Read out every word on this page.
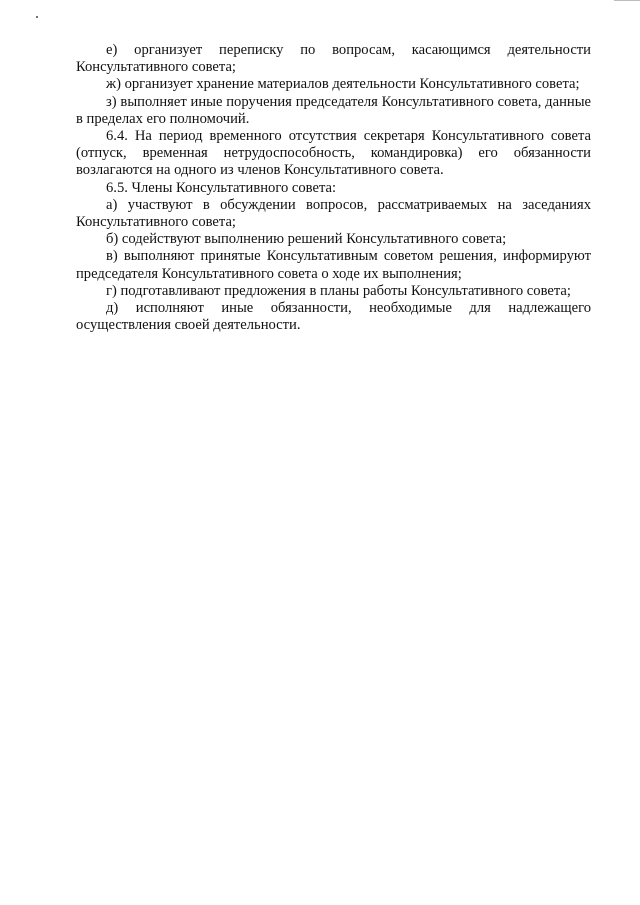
е) организует переписку по вопросам, касающимся деятельности Консультативного совета;

ж) организует хранение материалов деятельности Консультативного совета;

з) выполняет иные поручения председателя Консультативного совета, данные в пределах его полномочий.

6.4. На период временного отсутствия секретаря Консультативного совета (отпуск, временная нетрудоспособность, командировка) его обязанности возлагаются на одного из членов Консультативного совета.

6.5. Члены Консультативного совета:

а) участвуют в обсуждении вопросов, рассматриваемых на заседаниях Консультативного совета;

б) содействуют выполнению решений Консультативного совета;

в) выполняют принятые Консультативным советом решения, информируют председателя Консультативного совета о ходе их выполнения;

г) подготавливают предложения в планы работы Консультативного совета;

д) исполняют иные обязанности, необходимые для надлежащего осуществления своей деятельности.
